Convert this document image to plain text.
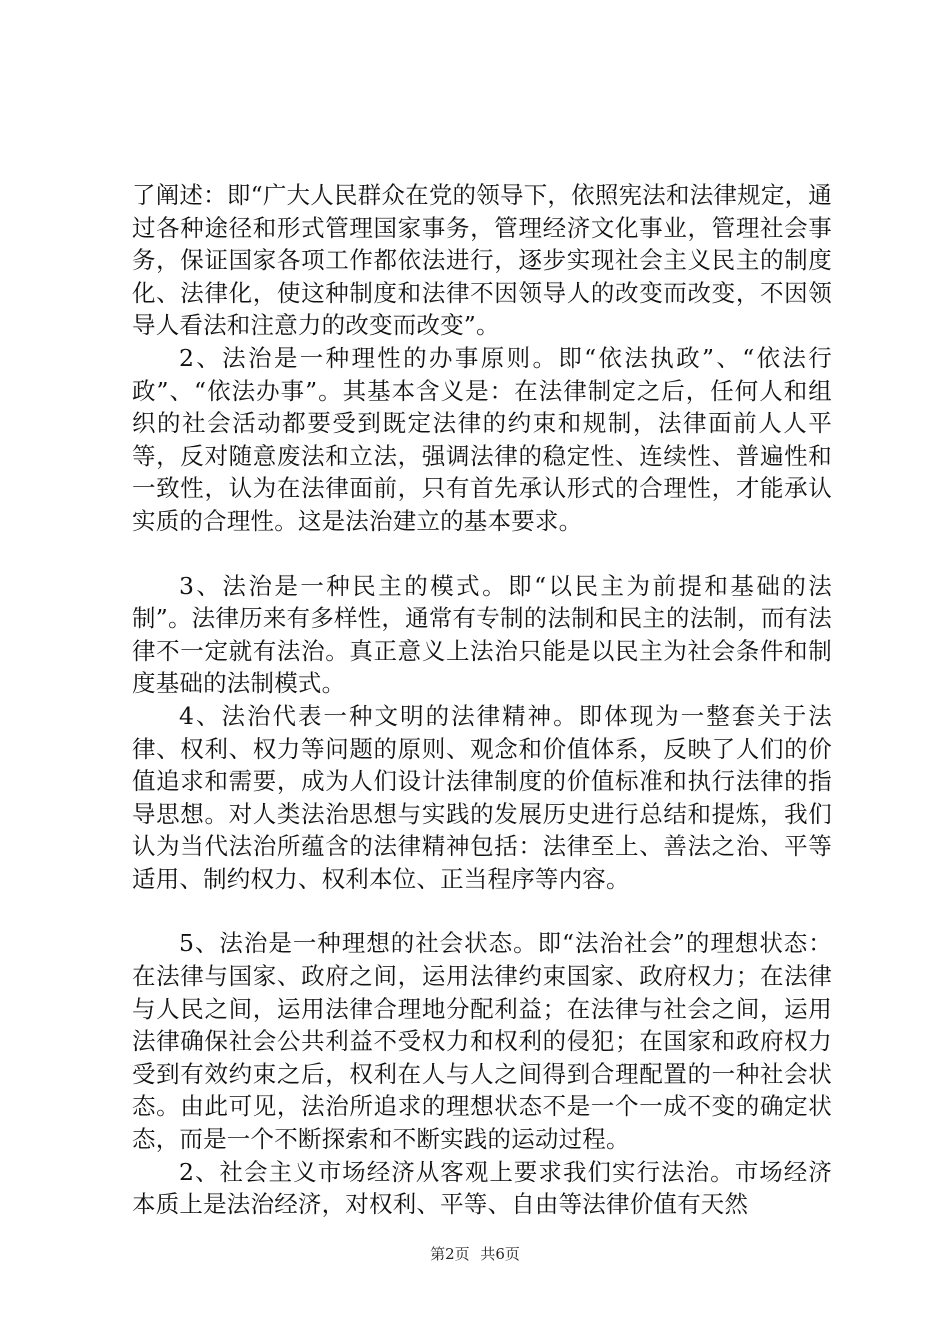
了阐述：即“广大人民群众在党的领导下，依照宪法和法律规定，通过各种途径和形式管理国家事务，管理经济文化事业，管理社会事务，保证国家各项工作都依法进行，逐步实现社会主义民主的制度化、法律化，使这种制度和法律不因领导人的改变而改变，不因领导人看法和注意力的改变而改变”。

2、法治是一种理性的办事原则。即“依法执政”、“依法行政”、“依法办事”。其基本含义是：在法律制定之后，任何人和组织的社会活动都要受到既定法律的约束和规制，法律面前人人平等，反对随意废法和立法，强调法律的稳定性、连续性、普遍性和一致性，认为在法律面前，只有首先承认形式的合理性，才能承认实质的合理性。这是法治建立的基本要求。

3、法治是一种民主的模式。即“以民主为前提和基础的法制”。法律历来有多样性，通常有专制的法制和民主的法制，而有法律不一定就有法治。真正意义上法治只能是以民主为社会条件和制度基础的法制模式。

4、法治代表一种文明的法律精神。即体现为一整套关于法律、权利、权力等问题的原则、观念和价值体系，反映了人们的价值追求和需要，成为人们设计法律制度的价值标准和执行法律的指导思想。对人类法治思想与实践的发展历史进行总结和提炼，我们认为当代法治所蕴含的法律精神包括：法律至上、善法之治、平等适用、制约权力、权利本位、正当程序等内容。

5、法治是一种理想的社会状态。即“法治社会”的理想状态：在法律与国家、政府之间，运用法律约束国家、政府权力；在法律与人民之间，运用法律合理地分配利益；在法律与社会之间，运用法律确保社会公共利益不受权力和权利的侵犯；在国家和政府权力受到有效约束之后，权利在人与人之间得到合理配置的一种社会状态。由此可见，法治所追求的理想状态不是一个一成不变的确定状态，而是一个不断探索和不断实践的运动过程。

2、社会主义市场经济从客观上要求我们实行法治。市场经济本质上是法治经济，对权利、平等、自由等法律价值有天然

第2页 共6页
